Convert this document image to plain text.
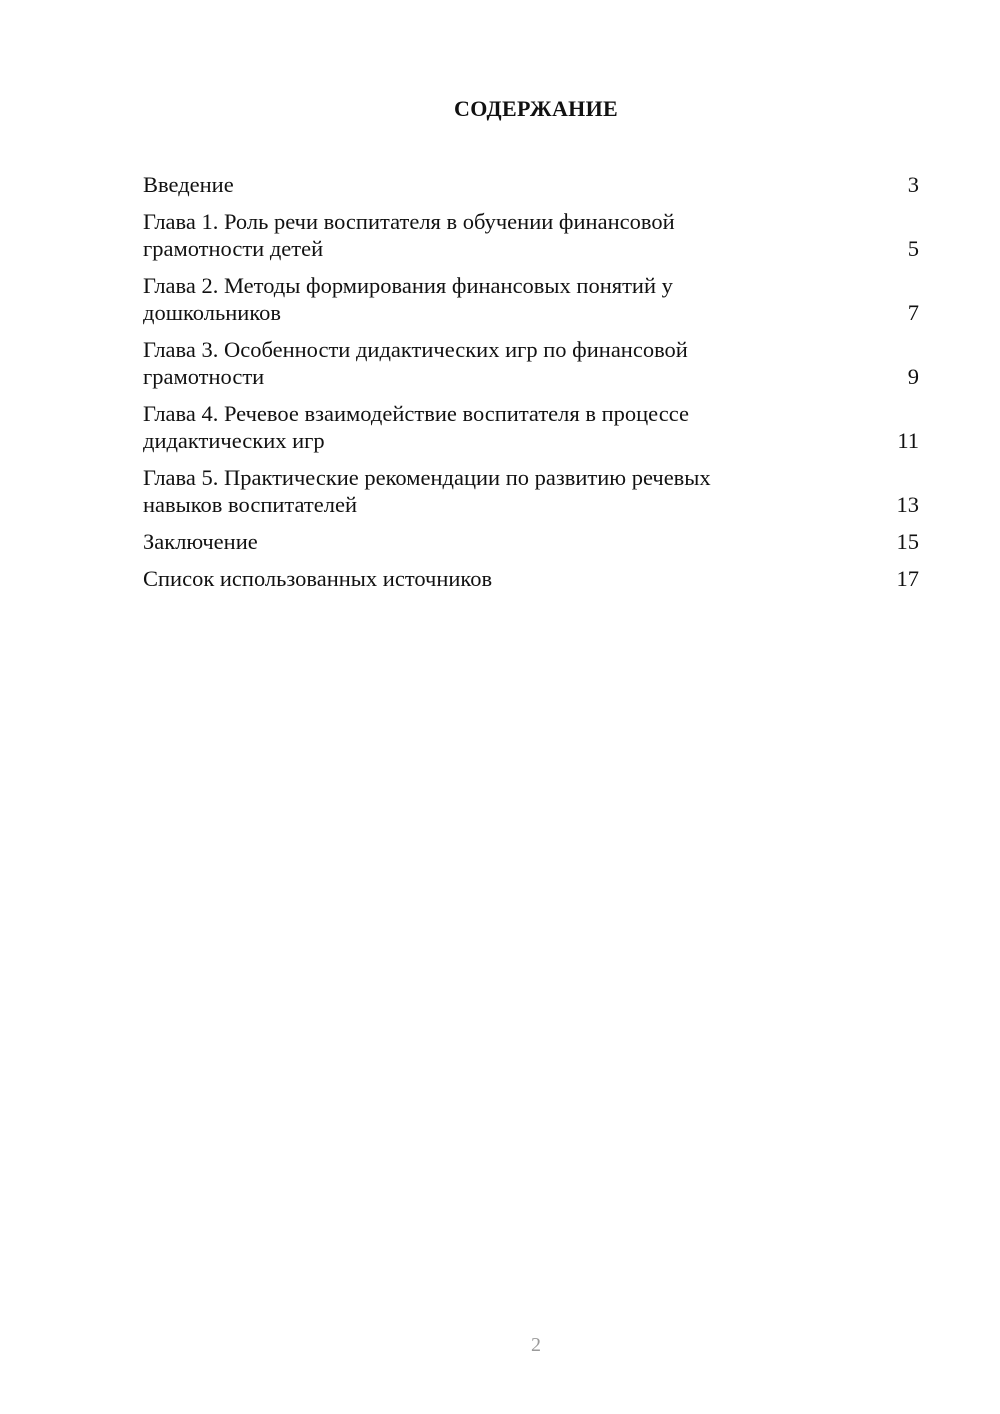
СОДЕРЖАНИЕ
Введение	3
Глава 1. Роль речи воспитателя в обучении финансовой
грамотности детей	5
Глава 2. Методы формирования финансовых понятий у
дошкольников	7
Глава 3. Особенности дидактических игр по финансовой
грамотности	9
Глава 4. Речевое взаимодействие воспитателя в процессе
дидактических игр	11
Глава 5. Практические рекомендации по развитию речевых
навыков воспитателей	13
Заключение	15
Список использованных источников	17
2
